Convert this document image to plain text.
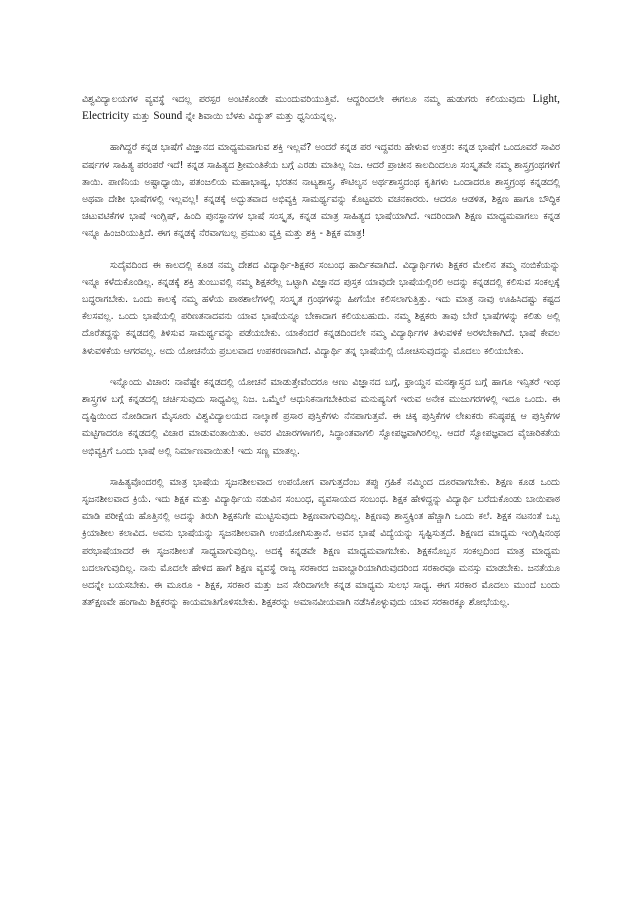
ವಿಶ್ವವಿದ್ಯಾಲಯಗಳ ವ್ಯವಸ್ಥೆ ಇದಲ್ಲ ಪರಸ್ಪರ ಅಂಟಿಕೊಂಡೇ ಮುಂದುವರಿಯುತ್ತಿವೆ. ಆದ್ದರಿಂದಲೇ ಈಗಲೂ ನಮ್ಮ ಹುಡುಗರು ಕಲಿಯುವುದು Light, Electricity ಮತ್ತು Sound ನ್ನೇ ಶಿವಾಯಿ ಬೆಳಕು ವಿದ್ಯುತ್ ಮತ್ತು ಧ್ವನಿಯನ್ನಲ್ಲ.

ಹಾಗಿದ್ದರೆ ಕನ್ನಡ ಭಾಷೆಗೆ ವಿಜ್ಞಾನದ ಮಾಧ್ಯಮವಾಗುವ ಶಕ್ತಿ ಇಲ್ಲವೆ? ಅಂದರೆ ಕನ್ನಡ ಪರ ಇದ್ದವರು ಹೇಳುವ ಉತ್ತರ: ಕನ್ನಡ ಭಾಷೆಗೆ ಒಂದೂವರೆ ಸಾವಿರ ವರ್ಷಗಳ ಸಾಹಿತ್ಯ ಪರಂಪರೆ ಇದೆ! ಕನ್ನಡ ಸಾಹಿತ್ಯದ ಶ್ರೀಮಂತಿಕೆಯ ಬಗ್ಗೆ ಎರಡು ಮಾತಿಲ್ಲ ನಿಜ. ಆದರೆ ಪ್ರಾಚೀನ ಕಾಲದಿಂದಲೂ ಸಂಸ್ಕೃತವೇ ನಮ್ಮ ಶಾಸ್ತ್ರಗ್ರಂಥಗಳಿಗೆ ತಾಯಿ. ಪಾಣಿನಿಯ ಅಷ್ಟಾಧ್ಯಾಯಿ, ಪತಂಜಲಿಯ ಮಹಾಭಾಷ್ಯ, ಭರತನ ನಾಟ್ಯಶಾಸ್ತ್ರ, ಕೌಟಿಲ್ಯನ ಅರ್ಥಶಾಸ್ತ್ರದಂಥ ಕೃತಿಗಳು ಒಂದಾದರೂ ಶಾಸ್ತ್ರಗ್ರಂಥ ಕನ್ನಡದಲ್ಲಿ ಅಥವಾ ದೇಶೀ ಭಾಷೆಗಳಲ್ಲಿ ಇಲ್ಲವಲ್ಲ! ಕನ್ನಡಕ್ಕೆ ಅದ್ಭುತವಾದ ಅಭಿವ್ಯಕ್ತಿ ಸಾಮರ್ಥ್ಯವನ್ನು ಕೊಟ್ಟವರು ವಚನಕಾರರು. ಆದರೂ ಆಡಳಿತ, ಶಿಕ್ಷಣ ಹಾಗೂ ಬೌದ್ಧಿಕ ಚಟುವಟಿಕೆಗಳ ಭಾಷೆ ಇಂಗ್ಲಿಷ್, ಹಿಂದಿ ಪುನಸ್ಥಾನಗಳ ಭಾಷೆ ಸಂಸ್ಕೃತ, ಕನ್ನಡ ಮಾತ್ರ ಸಾಹಿತ್ಯದ ಭಾಷೆಯಾಗಿದೆ. ಇದರಿಂದಾಗಿ ಶಿಕ್ಷಣ ಮಾಧ್ಯಮವಾಗಲು ಕನ್ನಡ ಇನ್ನೂ ಹಿಂಜರಿಯುತ್ತಿದೆ. ಈಗ ಕನ್ನಡಕ್ಕೆ ನೆರವಾಗಬಲ್ಲ ಪ್ರಮುಖ ವ್ಯಕ್ತಿ ಮತ್ತು ಶಕ್ತಿ - ಶಿಕ್ಷಕ ಮಾತ್ರ!

ಸುದೈವದಿಂದ ಈ ಕಾಲದಲ್ಲಿ ಕೂಡ ನಮ್ಮ ದೇಶದ ವಿದ್ಯಾರ್ಥಿ-ಶಿಕ್ಷಕರ ಸಂಬಂಧ ಹಾರ್ದಿಕವಾಗಿದೆ. ವಿದ್ಯಾರ್ಥಿಗಳು ಶಿಕ್ಷಕರ ಮೇಲಿನ ತಮ್ಮ ನಂಬಿಕೆಯನ್ನು ಇನ್ನೂ ಕಳೆದುಕೊಂಡಿಲ್ಲ. ಕನ್ನಡಕ್ಕೆ ಶಕ್ತಿ ತುಂಬುವಲ್ಲಿ ನಮ್ಮ ಶಿಕ್ಷಕರೆಲ್ಲ ಒಟ್ಟಾಗಿ ವಿಜ್ಞಾನದ ಪುಸ್ತಕ ಯಾವುದೇ ಭಾಷೆಯಲ್ಲಿರಲಿ ಅದನ್ನು ಕನ್ನಡದಲ್ಲಿ ಕಲಿಸುವ ಸಂಕಲ್ಪಕ್ಕೆ ಬದ್ಧರಾಗಬೇಕು. ಒಂದು ಕಾಲಕ್ಕೆ ನಮ್ಮ ಹಳೆಯ ಪಾಠಶಾಲೆಗಳಲ್ಲಿ ಸಂಸ್ಕೃತ ಗ್ರಂಥಗಳನ್ನು ಹೀಗೆಯೇ ಕಲಿಸಲಾಗುತ್ತಿತ್ತು. ಇದು ಮಾತ್ರ ನಾವು ಊಹಿಸಿದಷ್ಟು ಕಷ್ಟದ ಕೆಲಸವಲ್ಲ. ಒಂದು ಭಾಷೆಯಲ್ಲಿ ಪರಿಣತನಾದವನು ಯಾವ ಭಾಷೆಯನ್ನೂ ಬೇಕಾದಾಗ ಕಲಿಯಬಹುದು. ನಮ್ಮ ಶಿಕ್ಷಕರು ತಾವು ಬೇರೆ ಭಾಷೆಗಳನ್ನು ಕಲಿತು ಅಲ್ಲಿ ದೊರೆತದ್ದನ್ನು ಕನ್ನಡದಲ್ಲಿ ತಿಳಿಸುವ ಸಾಮರ್ಥ್ಯವನ್ನು ಪಡೆಯಬೇಕು. ಯಾಕೆಂದರೆ ಕನ್ನಡದಿಂದಲೇ ನಮ್ಮ ವಿದ್ಯಾರ್ಥಿಗಳ ತಿಳುವಳಿಕೆ ಅರಳಬೇಕಾಗಿದೆ. ಭಾಷೆ ಕೇವಲ ತಿಳುವಳಿಕೆಯ ಆಗರವಲ್ಲ. ಅದು ಯೋಚನೆಯ ಪ್ರಬಲವಾದ ಉಪಕರಣವಾಗಿದೆ. ವಿದ್ಯಾರ್ಥಿ ತನ್ನ ಭಾಷೆಯಲ್ಲಿ ಯೋಚಿಸುವುದನ್ನು ಮೊದಲು ಕಲಿಯಬೇಕು.

ಇನ್ನೊಂದು ವಿಚಾರ: ನಾವೆಷ್ಟೇ ಕನ್ನಡದಲ್ಲಿ ಯೋಚನೆ ಮಾಡುತ್ತೇವೆಂದರೂ ಆಣು ವಿಜ್ಞಾನದ ಬಗ್ಗೆ, ಫ್ರಾಯ್ಡನ ಮನಶ್ಶಾಸ್ತ್ರದ ಬಗ್ಗೆ ಹಾಗೂ ಇನ್ಸಿತರೆ ಇಂಥ ಶಾಸ್ತ್ರಗಳ ಬಗ್ಗೆ ಕನ್ನಡದಲ್ಲಿ ಚರ್ಚಿಸುವುದು ಸಾಧ್ಯವಿಲ್ಲ ನಿಜ. ಒಮ್ಮೆಲೆ ಆಧುನಿಕನಾಗಬೇಕಿರುವ ಮನುಷ್ಯನಿಗೆ ಇರುವ ಅನೇಕ ಮುಜುಗರಗಳಲ್ಲಿ ಇದೂ ಒಂದು. ಈ ದೃಷ್ಟಿಯಿಂದ ನೋಡಿದಾಗ ಮೈಸೂರು ವಿಶ್ವವಿದ್ಯಾಲಯದ ನಾಲ್ಕಾಣೆ ಪ್ರಸಾರ ಪುಸ್ತಿಕೆಗಳು ನೆನಪಾಗುತ್ತವೆ. ಈ ಚಿಕ್ಕ ಪುಸ್ತಿಕೆಗಳ ಲೇಖಕರು ಕನಿಷ್ಠಪಕ್ಷ ಆ ಪುಸ್ತಿಕೆಗಳ ಮಟ್ಟಿಗಾದರೂ ಕನ್ನಡದಲ್ಲಿ ವಿಚಾರ ಮಾಡುವಂತಾಯಿತು. ಅವರ ವಿಚಾರಗಳಾಗಲಿ, ಸಿದ್ಧಾಂತವಾಗಲಿ ಸ್ವೋಪಜ್ಞವಾಗಿರಲಿಲ್ಲ. ಆದರೆ ಸ್ವೋಪಜ್ಞವಾದ ವೈಚಾರಿಕತೆಯ ಅಭಿವ್ಯಕ್ತಿಗೆ ಒಂದು ಭಾಷೆ ಅಲ್ಲಿ ನಿರ್ಮಾಣವಾಯಿತು! ಇದು ಸಣ್ಣ ಮಾತಲ್ಲ.

ಸಾಹಿತ್ಯವೊಂದರಲ್ಲಿ ಮಾತ್ರ ಭಾಷೆಯ ಸೃಜನಶೀಲವಾದ ಉಪಯೋಗ ವಾಗುತ್ತದೆಂಬ ತಪ್ಪು ಗ್ರಹಿಕೆ ನಮ್ಮಿಂದ ದೂರವಾಗಬೇಕು. ಶಿಕ್ಷಣ ಕೂಡ ಒಂದು ಸೃಜನಶೀಲವಾದ ಕ್ರಿಯೆ. ಇದು ಶಿಕ್ಷಕ ಮತ್ತು ವಿದ್ಯಾರ್ಥಿಯ ನಡುವಿನ ಸಂಬಂಧ, ವ್ಯವಸಾಯದ ಸಂಬಂಧ. ಶಿಕ್ಷಕ ಹೇಳಿದ್ದನ್ನು ವಿದ್ಯಾರ್ಥಿ ಬರೆದುಕೊಂಡು ಬಾಯಿಪಾಠ ಮಾಡಿ ಪರೀಕ್ಷೆಯ ಹೊತ್ತಿನಲ್ಲಿ ಅದನ್ನು ತಿರುಗಿ ಶಿಕ್ಷಕನಿಗೇ ಮುಟ್ಟಿಸುವುದು ಶಿಕ್ಷಣವಾಗುವುದಿಲ್ಲ. ಶಿಕ್ಷಣವು ಶಾಸ್ತ್ರಕ್ಕಿಂತ ಹೆಚ್ಚಾಗಿ ಒಂದು ಕಲೆ. ಶಿಕ್ಷಕ ನಟನಂತೆ ಒಬ್ಬ ಕ್ರಿಯಾಶೀಲ ಕಲಾವಿದ. ಅವನು ಭಾಷೆಯನ್ನು ಸೃಜನಶೀಲವಾಗಿ ಉಪಯೋಗಿಸುತ್ತಾನೆ. ಅವನ ಭಾಷೆ ವಿದ್ಯೆಯನ್ನು ಸೃಷ್ಟಿಸುತ್ತದೆ. ಶಿಕ್ಷಣದ ಮಾಧ್ಯಮ ಇಂಗ್ಲಿಷಿನಂಥ ಪರಭಾಷೆಯಾದರೆ ಈ ಸೃಜನಶೀಲತೆ ಸಾಧ್ಯವಾಗುವುದಿಲ್ಲ. ಅದಕ್ಕೆ ಕನ್ನಡವೇ ಶಿಕ್ಷಣ ಮಾಧ್ಯಮವಾಗಬೇಕು. ಶಿಕ್ಷಕನೊಬ್ಬನ ಸಂಕಲ್ಪದಿಂದ ಮಾತ್ರ ಮಾಧ್ಯಮ ಬದಲಾಗುವುದಿಲ್ಲ. ನಾನು ಮೊದಲೇ ಹೇಳಿದ ಹಾಗೆ ಶಿಕ್ಷಣ ವ್ಯವಸ್ಥೆ ರಾಜ್ಯ ಸರಕಾರದ ಜವಾಬ್ದಾರಿಯಾಗಿರುವುದರಿಂದ ಸರಕಾರವೂ ಮನಸ್ಸು ಮಾಡಬೇಕು. ಜನತೆಯೂ ಅದನ್ನೇ ಬಯಸಬೇಕು. ಈ ಮೂರೂ - ಶಿಕ್ಷಕ, ಸರಕಾರ ಮತ್ತು ಜನ ಸೇರಿದಾಗಲೇ ಕನ್ನಡ ಮಾಧ್ಯಮ ಸುಲಭ ಸಾಧ್ಯ. ಈಗ ಸರಕಾರ ಮೊದಲು ಮುಂದೆ ಬಂದು ತತ್‌ಕ್ಷಣವೇ ಹಂಗಾಮಿ ಶಿಕ್ಷಕರನ್ನು ಕಾಯಮಾತಿಗೊಳಿಸಬೇಕು. ಶಿಕ್ಷಕರನ್ನು ಅಮಾನವೀಯವಾಗಿ ನಡೆಸಿಕೊಳ್ಳುವುದು ಯಾವ ಸರಕಾರಕ್ಕೂ ಶೋಭೆಯಲ್ಲ.
